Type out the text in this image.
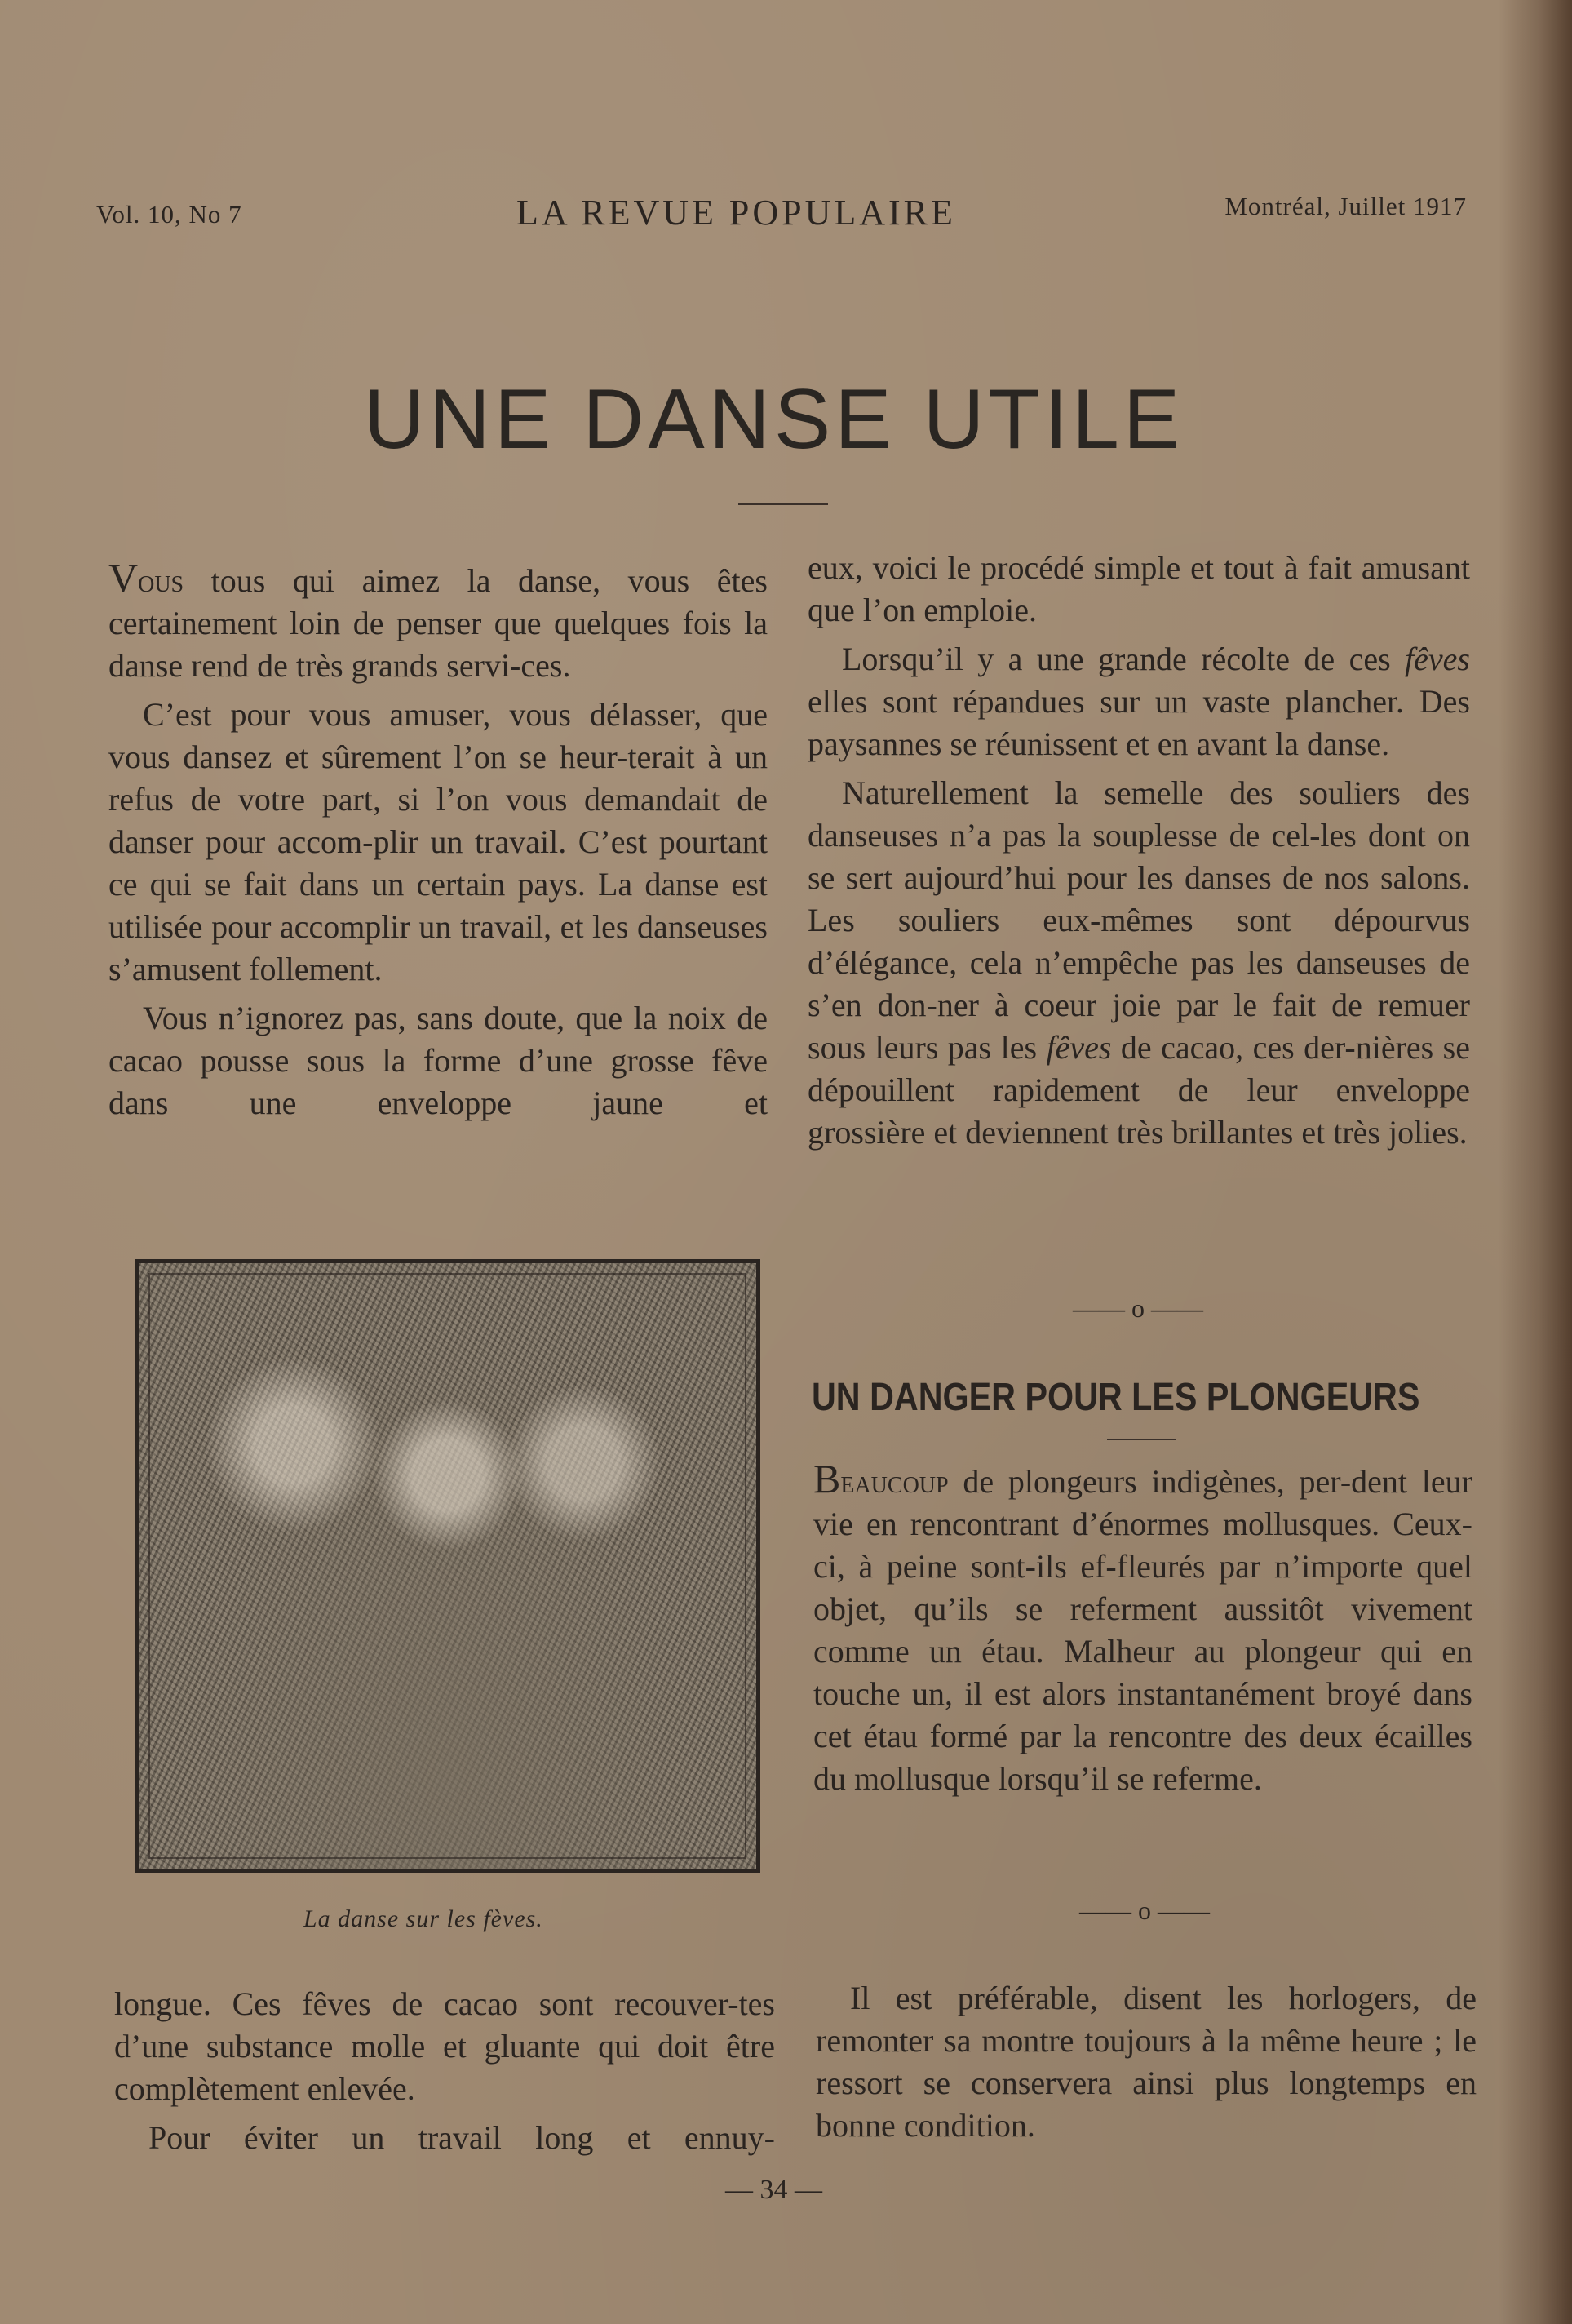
Vol. 10, No 7	LA REVUE POPULAIRE	Montréal, Juillet 1917
UNE DANSE UTILE

Vous tous qui aimez la danse, vous êtes certainement loin de penser que quelques fois la danse rend de très grands servi-ces.

C’est pour vous amuser, vous délasser, que vous dansez et sûrement l’on se heur-terait à un refus de votre part, si l’on vous demandait de danser pour accom-plir un travail. C’est pourtant ce qui se fait dans un certain pays. La danse est utilisée pour accomplir un travail, et les danseuses s’amusent follement.

Vous n’ignorez pas, sans doute, que la noix de cacao pousse sous la forme d’une grosse fêve dans une enveloppe jaune et

La danse sur les fèves.

longue. Ces fêves de cacao sont recouver-tes d’une substance molle et gluante qui doit être complètement enlevée.

Pour éviter un travail long et ennuy-

eux, voici le procédé simple et tout à fait amusant que l’on emploie.

Lorsqu’il y a une grande récolte de ces fêves elles sont répandues sur un vaste plancher. Des paysannes se réunissent et en avant la danse.

Naturellement la semelle des souliers des danseuses n’a pas la souplesse de cel-les dont on se sert aujourd’hui pour les danses de nos salons. Les souliers eux-mêmes sont dépourvus d’élégance, cela n’empêche pas les danseuses de s’en don-ner à coeur joie par le fait de remuer sous leurs pas les fêves de cacao, ces der-nières se dépouillent rapidement de leur enveloppe grossière et deviennent très brillantes et très jolies.

—— o ——
UN DANGER POUR LES PLONGEURS

Beaucoup de plongeurs indigènes, per-dent leur vie en rencontrant d’énormes mollusques. Ceux-ci, à peine sont-ils ef-fleurés par n’importe quel objet, qu’ils se referment aussitôt vivement comme un étau. Malheur au plongeur qui en touche un, il est alors instantanément broyé dans cet étau formé par la rencontre des deux écailles du mollusque lorsqu’il se referme.

—— o ——

Il est préférable, disent les horlogers, de remonter sa montre toujours à la même heure ; le ressort se conservera ainsi plus longtemps en bonne condition.

— 34 —
